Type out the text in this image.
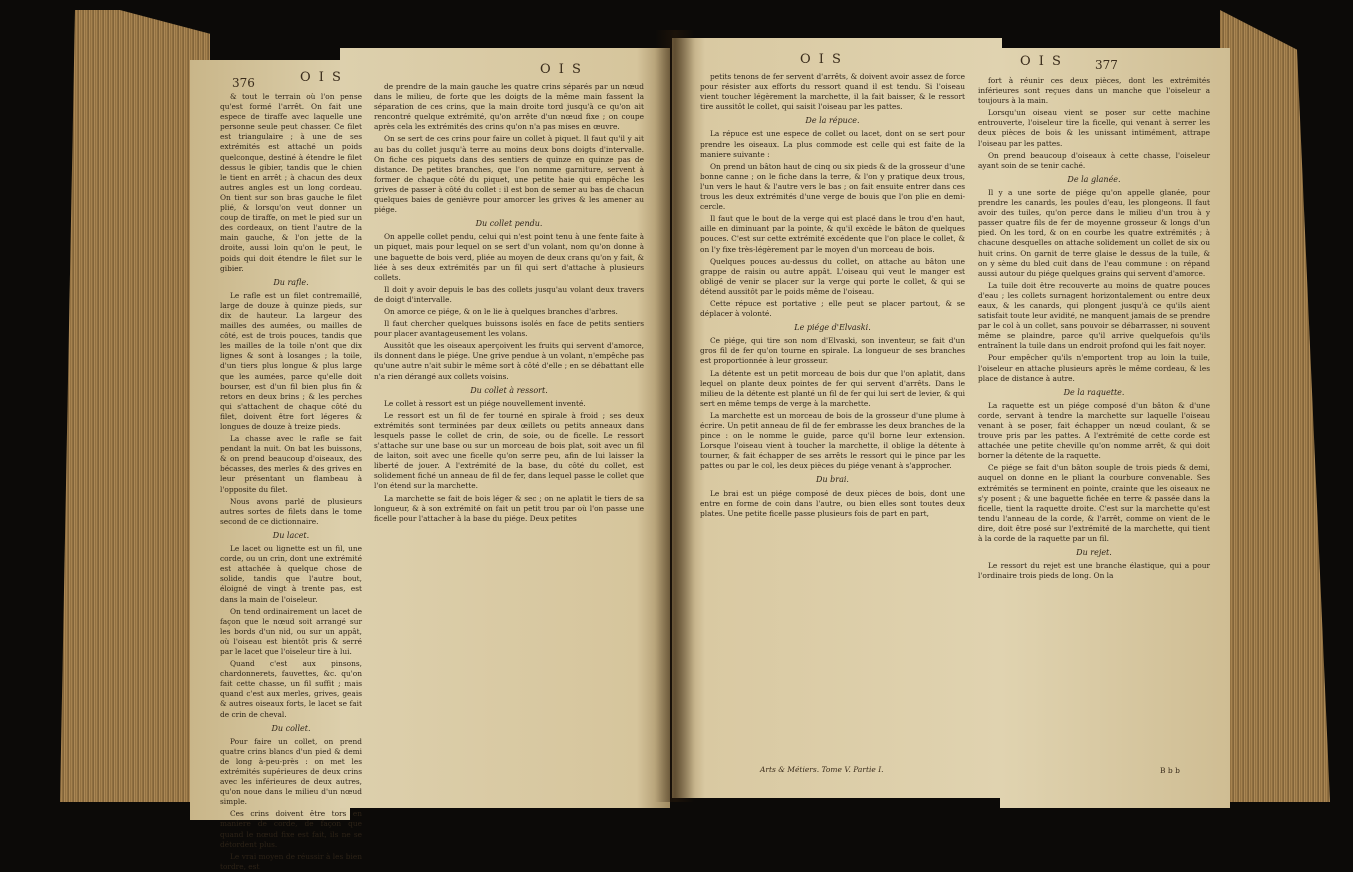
376	O I S
O I S
O I S	O I S	377

& tout le terrain où l'on pense qu'est formé l'arrêt. On fait une espece de tiraffe avec laquelle une personne seule peut chasser. Ce filet est triangulaire ; à une de ses extrémités est attaché un poids quelconque, destiné à étendre le filet dessus le gibier, tandis que le chien le tient en arrêt ; à chacun des deux autres angles est un long cordeau. On tient sur son bras gauche le filet plié, & lorsqu'on veut donner un coup de tiraffe, on met le pied sur un des cordeaux, on tient l'autre de la main gauche, & l'on jette de la droite, aussi loin qu'on le peut, le poids qui doit étendre le filet sur le gibier.

Du rafle.

Le rafle est un filet contremaillé, large de douze à quinze pieds, sur dix de hauteur. La largeur des mailles des aumées, ou mailles de côté, est de trois pouces, tandis que les mailles de la toile n'ont que dix lignes & sont à losanges ; la toile, d'un tiers plus longue & plus large que les aumées, parce qu'elle doit bourser, est d'un fil bien plus fin & retors en deux brins ; & les perches qui s'attachent de chaque côté du filet, doivent être fort légeres & longues de douze à treize pieds.

La chasse avec le rafle se fait pendant la nuit. On bat les buissons, & on prend beaucoup d'oiseaux, des bécasses, des merles & des grives en leur présentant un flambeau à l'opposite du filet.

Nous avons parlé de plusieurs autres sortes de filets dans le tome second de ce dictionnaire.

Du lacet.

Le lacet ou lignette est un fil, une corde, ou un crin, dont une extrémité est attachée à quelque chose de solide, tandis que l'autre bout, éloigné de vingt à trente pas, est dans la main de l'oiseleur.

On tend ordinairement un lacet de façon que le nœud soit arrangé sur les bords d'un nid, ou sur un appât, où l'oiseau est bientôt pris & serré par le lacet que l'oiseleur tire à lui.

Quand c'est aux pinsons, chardonnerets, fauvettes, &c. qu'on fait cette chasse, un fil suffit ; mais quand c'est aux merles, grives, geais & autres oiseaux forts, le lacet se fait de crin de cheval.

Du collet.

Pour faire un collet, on prend quatre crins blancs d'un pied & demi de long à-peu-près : on met les extrémités supérieures de deux crins avec les inférieures de deux autres, qu'on noue dans le milieu d'un nœud simple.

Ces crins doivent être tors en maniere de corde, de façon que quand le nœud fixe est fait, ils ne se détordent plus.

Le vrai moyen de réussir à les bien tordre, est

de prendre de la main gauche les quatre crins séparés par un nœud dans le milieu, de forte que les doigts de la même main fassent la séparation de ces crins, que la main droite tord jusqu'à ce qu'on ait rencontré quelque extrémité, qu'on arrête d'un nœud fixe ; on coupe après cela les extrémités des crins qu'on n'a pas mises en œuvre.

On se sert de ces crins pour faire un collet à piquet. Il faut qu'il y ait au bas du collet jusqu'à terre au moins deux bons doigts d'intervalle. On fiche ces piquets dans des sentiers de quinze en quinze pas de distance. De petites branches, que l'on nomme garniture, servent à former de chaque côté du piquet, une petite haie qui empêche les grives de passer à côté du collet : il est bon de semer au bas de chacun quelques baies de genièvre pour amorcer les grives & les amener au piége.

Du collet pendu.

On appelle collet pendu, celui qui n'est point tenu à une fente faite à un piquet, mais pour lequel on se sert d'un volant, nom qu'on donne à une baguette de bois verd, pliée au moyen de deux crans qu'on y fait, & liée à ses deux extrémités par un fil qui sert d'attache à plusieurs collets.

Il doit y avoir depuis le bas des collets jusqu'au volant deux travers de doigt d'intervalle.

On amorce ce piége, & on le lie à quelques branches d'arbres.

Il faut chercher quelques buissons isolés en face de petits sentiers pour placer avantageusement les volans.

Aussitôt que les oiseaux aperçoivent les fruits qui servent d'amorce, ils donnent dans le piége. Une grive pendue à un volant, n'empêche pas qu'une autre n'ait subir le même sort à côté d'elle ; en se débattant elle n'a rien dérangé aux collets voisins.

Du collet à ressort.

Le collet à ressort est un piége nouvellement inventé.

Le ressort est un fil de fer tourné en spirale à froid ; ses deux extrémités sont terminées par deux œillets ou petits anneaux dans lesquels passe le collet de crin, de soie, ou de ficelle. Le ressort s'attache sur une base ou sur un morceau de bois plat, soit avec un fil de laiton, soit avec une ficelle qu'on serre peu, afin de lui laisser la liberté de jouer. A l'extrémité de la base, du côté du collet, est solidement fiché un anneau de fil de fer, dans lequel passe le collet que l'on étend sur la marchette.

La marchette se fait de bois léger & sec ; on ne aplatit le tiers de sa longueur, & à son extrémité on fait un petit trou par où l'on passe une ficelle pour l'attacher à la base du piége. Deux petites

petits tenons de fer servent d'arrêts, & doivent avoir assez de force pour résister aux efforts du ressort quand il est tendu. Si l'oiseau vient toucher légèrement la marchette, il la fait baisser, & le ressort tire aussitôt le collet, qui saisit l'oiseau par les pattes.

De la répuce.

La répuce est une espece de collet ou lacet, dont on se sert pour prendre les oiseaux. La plus commode est celle qui est faite de la maniere suivante :

On prend un bâton haut de cinq ou six pieds & de la grosseur d'une bonne canne ; on le fiche dans la terre, & l'on y pratique deux trous, l'un vers le haut & l'autre vers le bas ; on fait ensuite entrer dans ces trous les deux extrémités d'une verge de bouis que l'on plie en demi-cercle.

Il faut que le bout de la verge qui est placé dans le trou d'en haut, aille en diminuant par la pointe, & qu'il excède le bâton de quelques pouces. C'est sur cette extrémité excédente que l'on place le collet, & on l'y fixe très-légèrement par le moyen d'un morceau de bois.

Quelques pouces au-dessus du collet, on attache au bâton une grappe de raisin ou autre appât. L'oiseau qui veut le manger est obligé de venir se placer sur la verge qui porte le collet, & qui se détend aussitôt par le poids même de l'oiseau.

Cette répuce est portative ; elle peut se placer partout, & se déplacer à volonté.

Le piége d'Elvaski.

Ce piége, qui tire son nom d'Elvaski, son inventeur, se fait d'un gros fil de fer qu'on tourne en spirale. La longueur de ses branches est proportionnée à leur grosseur.

La détente est un petit morceau de bois dur que l'on aplatit, dans lequel on plante deux pointes de fer qui servent d'arrêts. Dans le milieu de la détente est planté un fil de fer qui lui sert de levier, & qui sert en même temps de verge à la marchette.

La marchette est un morceau de bois de la grosseur d'une plume à écrire. Un petit anneau de fil de fer embrasse les deux branches de la pince : on le nomme le guide, parce qu'il borne leur extension. Lorsque l'oiseau vient à toucher la marchette, il oblige la détente à tourner, & fait échapper de ses arrêts le ressort qui le pince par les pattes ou par le col, les deux pièces du piége venant à s'approcher.

Du brai.

Le brai est un piége composé de deux pièces de bois, dont une entre en forme de coin dans l'autre, ou bien elles sont toutes deux plates. Une petite ficelle passe plusieurs fois de part en part,

fort à réunir ces deux pièces, dont les extrémités inférieures sont reçues dans un manche que l'oiseleur a toujours à la main.

Lorsqu'un oiseau vient se poser sur cette machine entrouverte, l'oiseleur tire la ficelle, qui venant à serrer les deux pièces de bois & les unissant intimément, attrape l'oiseau par les pattes.

On prend beaucoup d'oiseaux à cette chasse, l'oiseleur ayant soin de se tenir caché.

De la glanée.

Il y a une sorte de piége qu'on appelle glanée, pour prendre les canards, les poules d'eau, les plongeons. Il faut avoir des tuiles, qu'on perce dans le milieu d'un trou à y passer quatre fils de fer de moyenne grosseur & longs d'un pied. On les tord, & on en courbe les quatre extrémités ; à chacune desquelles on attache solidement un collet de six ou huit crins. On garnit de terre glaise le dessus de la tuile, & on y sème du bled cuit dans de l'eau commune : on répand aussi autour du piége quelques grains qui servent d'amorce.

La tuile doit être recouverte au moins de quatre pouces d'eau ; les collets surnagent horizontalement ou entre deux eaux, & les canards, qui plongent jusqu'à ce qu'ils aient satisfait toute leur avidité, ne manquent jamais de se prendre par le col à un collet, sans pouvoir se débarrasser, ni souvent même se plaindre, parce qu'il arrive quelquefois qu'ils entraînent la tuile dans un endroit profond qui les fait noyer.

Pour empêcher qu'ils n'emportent trop au loin la tuile, l'oiseleur en attache plusieurs après le même cordeau, & les place de distance à autre.

De la raquette.

La raquette est un piége composé d'un bâton & d'une corde, servant à tendre la marchette sur laquelle l'oiseau venant à se poser, fait échapper un nœud coulant, & se trouve pris par les pattes. A l'extrémité de cette corde est attachée une petite cheville qu'on nomme arrêt, & qui doit borner la détente de la raquette.

Ce piége se fait d'un bâton souple de trois pieds & demi, auquel on donne en le pliant la courbure convenable. Ses extrémités se terminent en pointe, crainte que les oiseaux ne s'y posent ; & une baguette fichée en terre & passée dans la ficelle, tient la raquette droite. C'est sur la marchette qu'est tendu l'anneau de la corde, & l'arrêt, comme on vient de le dire, doit être posé sur l'extrémité de la marchette, qui tient à la corde de la raquette par un fil.

Du rejet.

Le ressort du rejet est une branche élastique, qui a pour l'ordinaire trois pieds de long. On la

Arts & Métiers. Tome V. Partie I.	B b b
